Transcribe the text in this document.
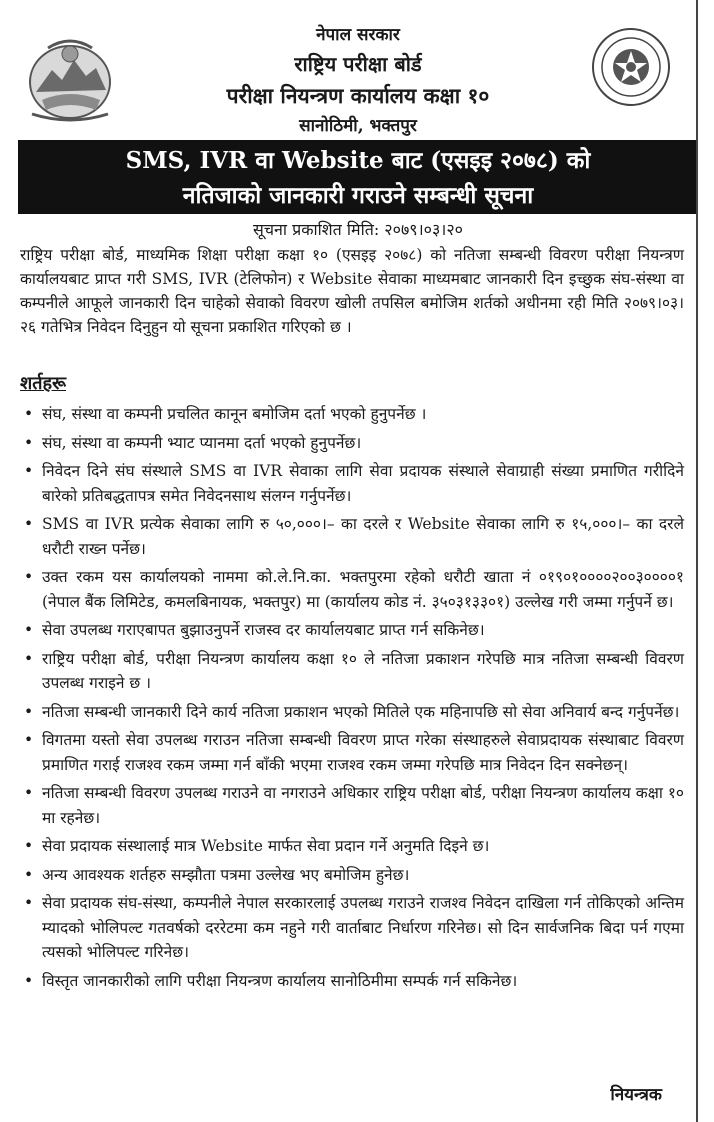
नेपाल सरकार
राष्ट्रिय परीक्षा बोर्ड
परीक्षा नियन्त्रण कार्यालय कक्षा १०
सानोठिमी, भक्तपुर
SMS, IVR वा Website बाट (एसइइ २०७८) को
नतिजाको जानकारी गराउने सम्बन्धी सूचना
सूचना प्रकाशित मिति: २०७९।०३।२०
राष्ट्रिय परीक्षा बोर्ड, माध्यमिक शिक्षा परीक्षा कक्षा १० (एसइइ २०७८) को नतिजा सम्बन्धी विवरण परीक्षा नियन्त्रण कार्यालयबाट प्राप्त गरी SMS, IVR (टेलिफोन) र Website सेवाका माध्यमबाट जानकारी दिन इच्छुक संघ-संस्था वा कम्पनीले आफूले जानकारी दिन चाहेको सेवाको विवरण खोली तपसिल बमोजिम शर्तको अधीनमा रही मिति २०७९।०३।२६ गतेभित्र निवेदन दिनुहुन यो सूचना प्रकाशित गरिएको छ ।
शर्तहरू
• संघ, संस्था वा कम्पनी प्रचलित कानून बमोजिम दर्ता भएको हुनुपर्नेछ ।
• संघ, संस्था वा कम्पनी भ्याट प्यानमा दर्ता भएको हुनुपर्नेछ।
• निवेदन दिने संघ संस्थाले SMS वा IVR सेवाका लागि सेवा प्रदायक संस्थाले सेवाग्राही संख्या प्रमाणित गरीदिने बारेको प्रतिबद्धतापत्र समेत निवेदनसाथ संलग्न गर्नुपर्नेछ।
• SMS वा IVR प्रत्येक सेवाका लागि रु ५०,०००।– का दरले र Website सेवाका लागि रु १५,०००।– का दरले धरौटी राख्न पर्नेछ।
• उक्त रकम यस कार्यालयको नाममा को.ले.नि.का. भक्तपुरमा रहेको धरौटी खाता नं ०१९०१००००२००३००००१ (नेपाल बैंक लिमिटेड, कमलबिनायक, भक्तपुर) मा (कार्यालय कोड नं. ३५०३१३३०१) उल्लेख गरी जम्मा गर्नुपर्ने छ।
• सेवा उपलब्ध गराएबापत बुझाउनुपर्ने राजस्व दर कार्यालयबाट प्राप्त गर्न सकिनेछ।
• राष्ट्रिय परीक्षा बोर्ड, परीक्षा नियन्त्रण कार्यालय कक्षा १० ले नतिजा प्रकाशन गरेपछि मात्र नतिजा सम्बन्धी विवरण उपलब्ध गराइने छ ।
• नतिजा सम्बन्धी जानकारी दिने कार्य नतिजा प्रकाशन भएको मितिले एक महिनापछि सो सेवा अनिवार्य बन्द गर्नुपर्नेछ।
• विगतमा यस्तो सेवा उपलब्ध गराउन नतिजा सम्बन्धी विवरण प्राप्त गरेका संस्थाहरुले सेवाप्रदायक संस्थाबाट विवरण प्रमाणित गराई राजश्व रकम जम्मा गर्न बाँकी भएमा राजश्व रकम जम्मा गरेपछि मात्र निवेदन दिन सक्नेछन्।
• नतिजा सम्बन्धी विवरण उपलब्ध गराउने वा नगराउने अधिकार राष्ट्रिय परीक्षा बोर्ड, परीक्षा नियन्त्रण कार्यालय कक्षा १० मा रहनेछ।
• सेवा प्रदायक संस्थालाई मात्र Website मार्फत सेवा प्रदान गर्ने अनुमति दिइने छ।
• अन्य आवश्यक शर्तहरु सम्झौता पत्रमा उल्लेख भए बमोजिम हुनेछ।
• सेवा प्रदायक संघ-संस्था, कम्पनीले नेपाल सरकारलाई उपलब्ध गराउने राजश्व निवेदन दाखिला गर्न तोकिएको अन्तिम म्यादको भोलिपल्ट गतवर्षको दररेटमा कम नहुने गरी वार्ताबाट निर्धारण गरिनेछ। सो दिन सार्वजनिक बिदा पर्न गएमा त्यसको भोलिपल्ट गरिनेछ।
• विस्तृत जानकारीको लागि परीक्षा नियन्त्रण कार्यालय सानोठिमीमा सम्पर्क गर्न सकिनेछ।
नियन्त्रक
